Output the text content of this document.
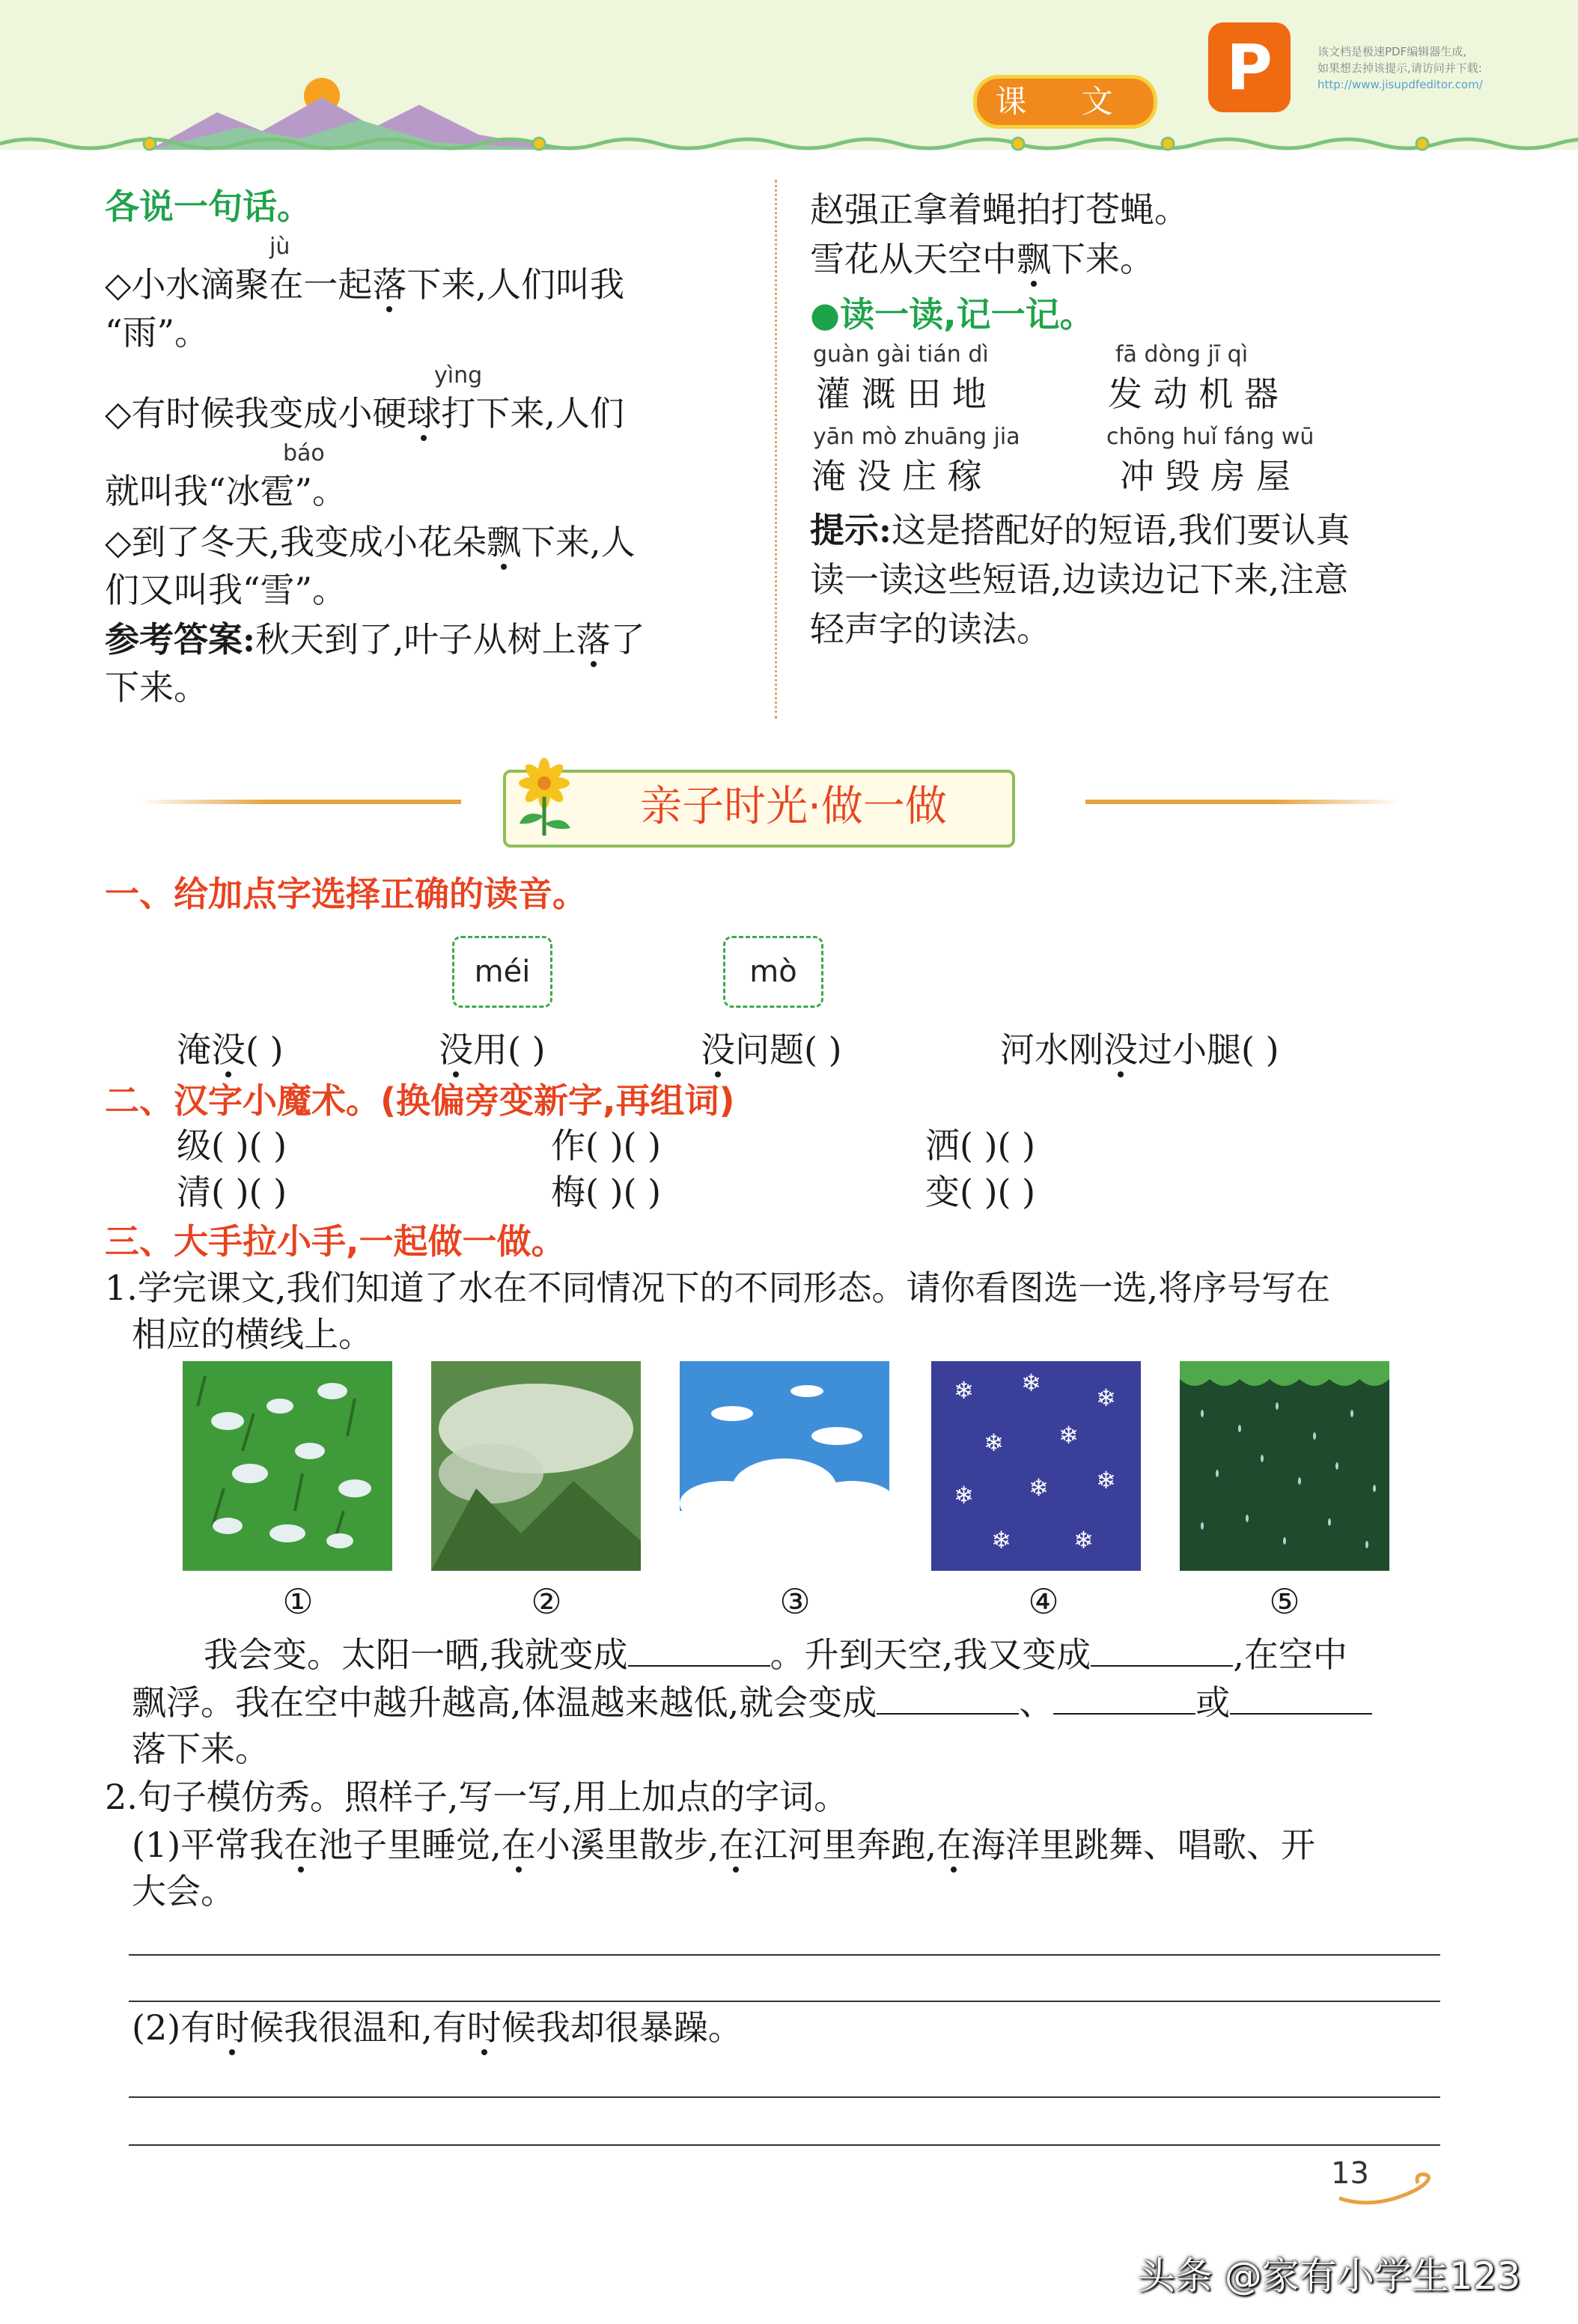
课 文	P	该文档是极速PDF编辑器生成,
如果想去掉该提示,请访问并下载:
http://www.jisupdfeditor.com/
各说一句话。
jù
◇小水滴聚在一起落下来,人们叫我
“雨”。
yìng
◇有时候我变成小硬球打下来,人们
báo
就叫我“冰雹”。
◇到了冬天,我变成小花朵飘下来,人
们又叫我“雪”。
参考答案:秋天到了,叶子从树上落了
下来。
赵强正拿着蝇拍打苍蝇。
雪花从天空中飘下来。
●读一读,记一记。
guàn gài tián dì
灌 溉 田 地
fā dòng jī qì
发 动 机 器
yān mò zhuāng jia
淹 没 庄 稼
chōng huǐ fáng wū
冲 毁 房 屋
提示:这是搭配好的短语,我们要认真
读一读这些短语,边读边记下来,注意
轻声字的读法。
亲子时光·做一做
一、给加点字选择正确的读音。
méi	mò
淹没( )	没用( )	没问题( )	河水刚没过小腿( )
二、汉字小魔术。(换偏旁变新字,再组词)
级( )( )	作( )( )	洒( )( )
清( )( )	梅( )( )	变( )( )
三、大手拉小手,一起做一做。
1.学完课文,我们知道了水在不同情况下的不同形态。请你看图选一选,将序号写在
相应的横线上。
❄ ❄
❄
❄ ❄
❄ ❄ ❄
❄	❄
①	②	③	④	⑤
我会变。太阳一晒,我就变成	。升到天空,我又变成	,在空中
飘浮。我在空中越升越高,体温越来越低,就会变成	、	或
落下来。
2.句子模仿秀。照样子,写一写,用上加点的字词。
(1)平常我在池子里睡觉,在小溪里散步,在江河里奔跑,在海洋里跳舞、唱歌、开
大会。
(2)有时候我很温和,有时候我却很暴躁。
13
头条 @家有小学生123
